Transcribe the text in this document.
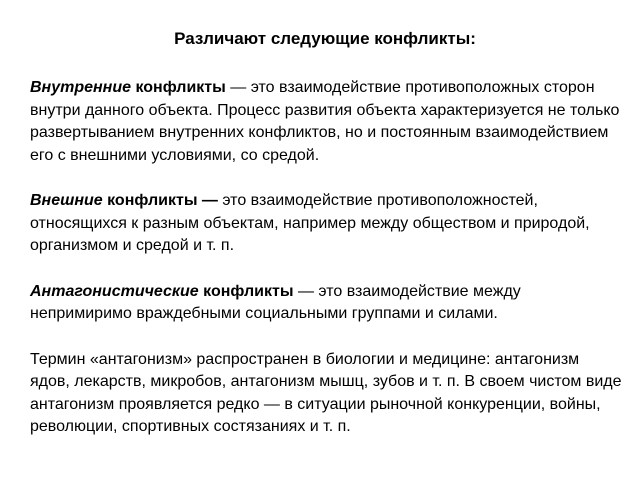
Различают следующие конфликты:

Внутренние конфликты — это взаимодействие противоположных сторон внутри данного объекта. Процесс развития объекта характеризуется не только развертыванием внутренних конфликтов, но и постоянным взаимодействием его с внешними условиями, со средой.

Внешние конфликты — это взаимодействие противоположностей, относящихся к разным объектам, например между обществом и природой, организмом и средой и т. п.

Антагонистические конфликты — это взаимодействие между непримиримо враждебными социальными группами и силами.

Термин «антагонизм» распространен в биологии и медицине: антагонизм ядов, лекарств, микробов, антагонизм мышц, зубов и т. п. В своем чистом виде антагонизм проявляется редко — в ситуации рыночной конкуренции, войны, революции, спортивных состязаниях и т. п.
